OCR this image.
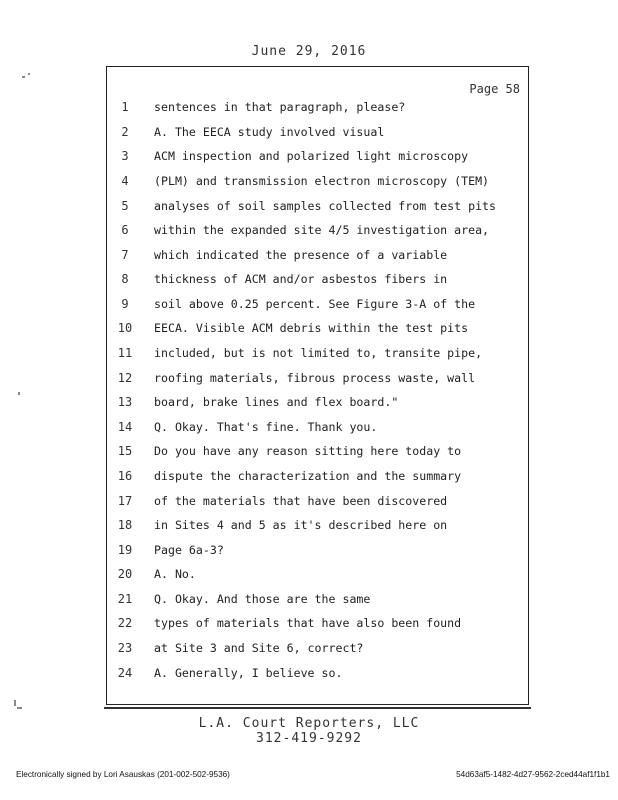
June 29, 2016
Page 58
1	sentences in that paragraph, please?
2	A. The EECA study involved visual
3	ACM inspection and polarized light microscopy
4	(PLM) and transmission electron microscopy (TEM)
5	analyses of soil samples collected from test pits
6	within the expanded site 4/5 investigation area,
7	which indicated the presence of a variable
8	thickness of ACM and/or asbestos fibers in
9	soil above 0.25 percent. See Figure 3-A of the
10	EECA. Visible ACM debris within the test pits
11	included, but is not limited to, transite pipe,
12	roofing materials, fibrous process waste, wall
13	board, brake lines and flex board."
14	Q. Okay. That's fine. Thank you.
15	Do you have any reason sitting here today to
16	dispute the characterization and the summary
17	of the materials that have been discovered
18	in Sites 4 and 5 as it's described here on
19	Page 6a-3?
20	A. No.
21	Q. Okay. And those are the same
22	types of materials that have also been found
23	at Site 3 and Site 6, correct?
24	A. Generally, I believe so.
L.A. Court Reporters, LLC
312-419-9292
Electronically signed by Lori Asauskas (201-002-502-9536)	54d63af5-1482-4d27-9562-2ced44af1f1b1
